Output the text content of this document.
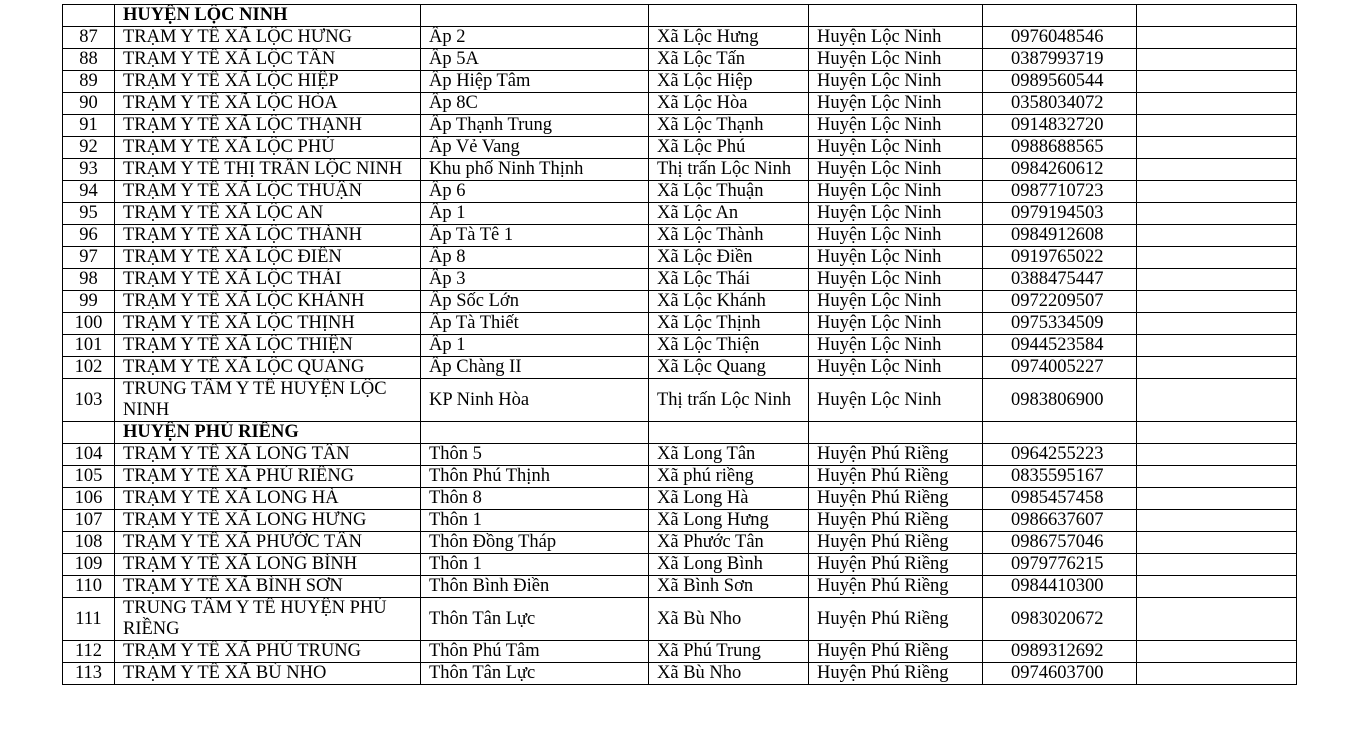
	HUYỆN LỘC NINH					
87	TRẠM Y TẾ XÃ LỘC HƯNG	Ấp 2	Xã Lộc Hưng	Huyện Lộc Ninh	0976048546	
88	TRẠM Y TẾ XÃ LỘC TẤN	Ấp 5A	Xã Lộc Tấn	Huyện Lộc Ninh	0387993719	
89	TRẠM Y TẾ XÃ LỘC HIỆP	Ấp Hiệp Tâm	Xã Lộc Hiệp	Huyện Lộc Ninh	0989560544	
90	TRẠM Y TẾ XÃ LỘC HÒA	Ấp 8C	Xã Lộc Hòa	Huyện Lộc Ninh	0358034072	
91	TRẠM Y TẾ XÃ LỘC THẠNH	Ấp Thạnh Trung	Xã Lộc Thạnh	Huyện Lộc Ninh	0914832720	
92	TRẠM Y TẾ XÃ LỘC PHÚ	Ấp Vẻ Vang	Xã Lộc Phú	Huyện Lộc Ninh	0988688565	
93	TRẠM Y TẾ THỊ TRẤN LỘC NINH	Khu phố Ninh Thịnh	Thị trấn Lộc Ninh	Huyện Lộc Ninh	0984260612	
94	TRẠM Y TẾ XÃ LỘC THUẬN	Ấp 6	Xã Lộc Thuận	Huyện Lộc Ninh	0987710723	
95	TRẠM Y TẾ XÃ LỘC AN	Ấp 1	Xã Lộc An	Huyện Lộc Ninh	0979194503	
96	TRẠM Y TẾ XÃ LỘC THÀNH	Ấp Tà Tê 1	Xã Lộc Thành	Huyện Lộc Ninh	0984912608	
97	TRẠM Y TẾ XÃ LỘC ĐIỀN	Ấp 8	Xã Lộc Điền	Huyện Lộc Ninh	0919765022	
98	TRẠM Y TẾ XÃ LỘC THÁI	Ấp 3	Xã Lộc Thái	Huyện Lộc Ninh	0388475447	
99	TRẠM Y TẾ XÃ LỘC KHÁNH	Ấp Sốc Lớn	Xã Lộc Khánh	Huyện Lộc Ninh	0972209507	
100	TRẠM Y TẾ XÃ LỘC THỊNH	Ấp Tà Thiết	Xã Lộc Thịnh	Huyện Lộc Ninh	0975334509	
101	TRẠM Y TẾ XÃ LỘC THIỆN	Ấp 1	Xã Lộc Thiện	Huyện Lộc Ninh	0944523584	
102	TRẠM Y TẾ XÃ LỘC QUANG	Ấp Chàng II	Xã Lộc Quang	Huyện Lộc Ninh	0974005227	
103	TRUNG TÂM Y TẾ HUYỆN LỘC NINH	KP Ninh Hòa	Thị trấn Lộc Ninh	Huyện Lộc Ninh	0983806900	
	HUYỆN PHÚ RIỀNG					
104	TRẠM Y TẾ XÃ LONG TÂN	Thôn 5	Xã Long Tân	Huyện Phú Riềng	0964255223	
105	TRẠM Y TẾ XÃ PHÚ RIỀNG	Thôn Phú Thịnh	Xã phú riềng	Huyện Phú Riềng	0835595167	
106	TRẠM Y TẾ XÃ LONG HÀ	Thôn 8	Xã Long Hà	Huyện Phú Riềng	0985457458	
107	TRẠM Y TẾ XÃ LONG HƯNG	Thôn 1	Xã Long Hưng	Huyện Phú Riềng	0986637607	
108	TRẠM Y TẾ XÃ PHƯỚC TÂN	Thôn Đồng Tháp	Xã Phước Tân	Huyện Phú Riềng	0986757046	
109	TRẠM Y TẾ XÃ LONG BÌNH	Thôn 1	Xã Long Bình	Huyện Phú Riềng	0979776215	
110	TRẠM Y TẾ XÃ BÌNH SƠN	Thôn Bình Điền	Xã Bình Sơn	Huyện Phú Riềng	0984410300	
111	TRUNG TÂM Y TẾ HUYỆN PHÚ RIỀNG	Thôn Tân Lực	Xã Bù Nho	Huyện Phú Riềng	0983020672	
112	TRẠM Y TẾ XÃ PHÚ TRUNG	Thôn Phú Tâm	Xã Phú Trung	Huyện Phú Riềng	0989312692	
113	TRẠM Y TẾ XÃ BÙ NHO	Thôn Tân Lực	Xã Bù Nho	Huyện Phú Riềng	0974603700	
